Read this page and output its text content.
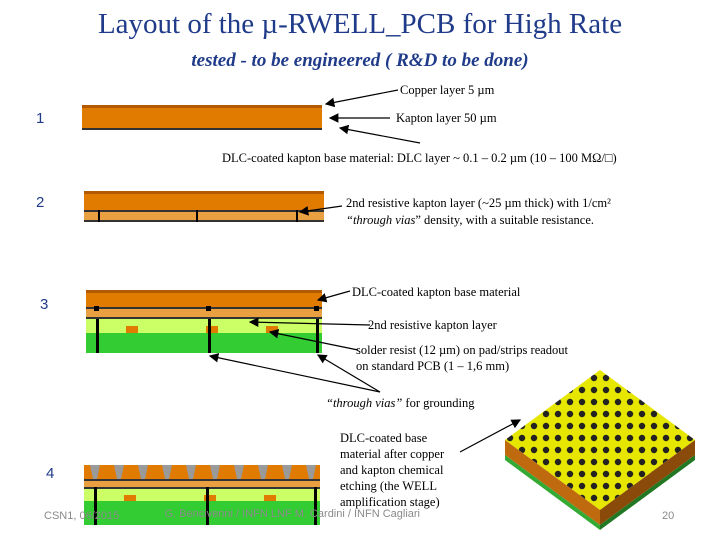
Layout of the µ-RWELL_PCB for High Rate
tested - to be engineered ( R&D to be done)
1
2
3
4
Copper layer 5 µm
Kapton layer 50 µm
DLC-coated kapton base material: DLC layer ~ 0.1 – 0.2 µm (10 – 100 MΩ/□)
2nd resistive kapton layer (~25 µm thick) with 1/cm²
“through vias” density, with a suitable resistance.
DLC-coated kapton base material
2nd resistive kapton layer
solder resist (12 µm) on pad/strips readout
on standard PCB (1 – 1,6 mm)
“through vias” for grounding
DLC-coated base
material after copper
and kapton chemical
etching (the WELL
amplification stage)
CSN1, 06/2015	G. Bencivenni / INFN LNF M. Cardini / INFN Cagliari	20
